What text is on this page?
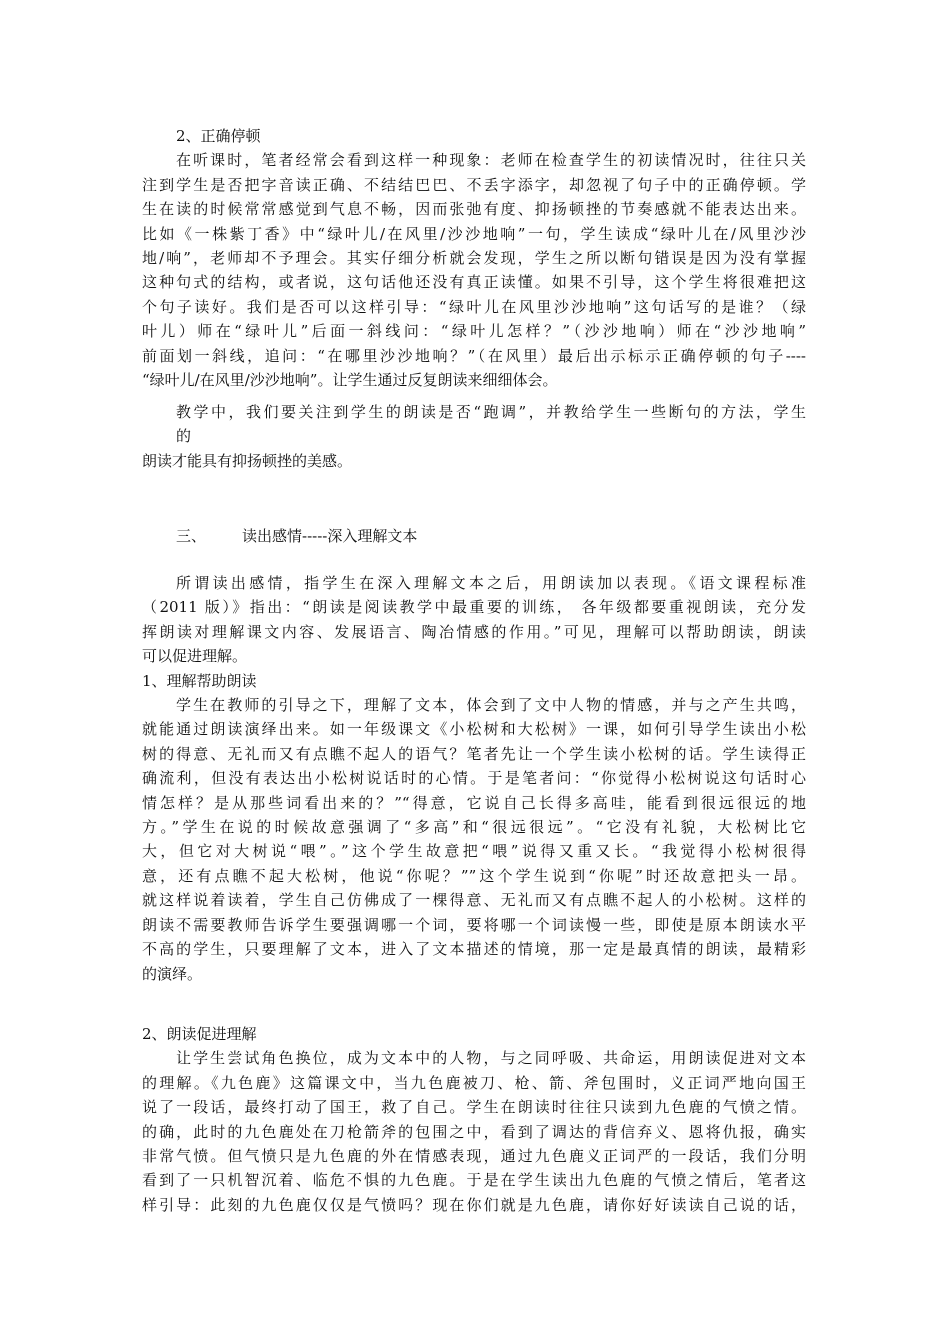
2、正确停顿
在听课时，笔者经常会看到这样一种现象：老师在检查学生的初读情况时，往往只关
注到学生是否把字音读正确、不结结巴巴、不丢字添字，却忽视了句子中的正确停顿。学
生在读的时候常常感觉到气息不畅，因而张弛有度、抑扬顿挫的节奏感就不能表达出来。
比如《一株紫丁香》中“绿叶儿/在风里/沙沙地响”一句，学生读成“绿叶儿在/风里沙沙
地/响”，老师却不予理会。其实仔细分析就会发现，学生之所以断句错误是因为没有掌握
这种句式的结构，或者说，这句话他还没有真正读懂。如果不引导，这个学生将很难把这
个句子读好。我们是否可以这样引导：“绿叶儿在风里沙沙地响”这句话写的是谁？（绿
叶儿）师在“绿叶儿”后面一斜线问：“绿叶儿怎样？”（沙沙地响）师在“沙沙地响”
前面划一斜线，追问：“在哪里沙沙地响？”（在风里）最后出示标示正确停顿的句子----
“绿叶儿/在风里/沙沙地响”。让学生通过反复朗读来细细体会。
教学中，我们要关注到学生的朗读是否“跑调”，并教给学生一些断句的方法，学生
的
朗读才能具有抑扬顿挫的美感。
三、 读出感情-----深入理解文本
所谓读出感情，指学生在深入理解文本之后，用朗读加以表现。《语文课程标准
（2011 版）》指出：“朗读是阅读教学中最重要的训练， 各年级都要重视朗读，充分发
挥朗读对理解课文内容、发展语言、陶冶情感的作用。”可见，理解可以帮助朗读，朗读
可以促进理解。
1、理解帮助朗读
学生在教师的引导之下，理解了文本，体会到了文中人物的情感，并与之产生共鸣，
就能通过朗读演绎出来。如一年级课文《小松树和大松树》一课，如何引导学生读出小松
树的得意、无礼而又有点瞧不起人的语气？笔者先让一个学生读小松树的话。学生读得正
确流利，但没有表达出小松树说话时的心情。于是笔者问：“你觉得小松树说这句话时心
情怎样？是从那些词看出来的？”“得意，它说自己长得多高哇，能看到很远很远的地
方。”学生在说的时候故意强调了“多高”和“很远很远”。“它没有礼貌，大松树比它
大，但它对大树说“喂”。”这个学生故意把“喂”说得又重又长。“我觉得小松树很得
意，还有点瞧不起大松树，他说“你呢？””这个学生说到“你呢”时还故意把头一昂。
就这样说着读着，学生自己仿佛成了一棵得意、无礼而又有点瞧不起人的小松树。这样的
朗读不需要教师告诉学生要强调哪一个词，要将哪一个词读慢一些，即使是原本朗读水平
不高的学生，只要理解了文本，进入了文本描述的情境，那一定是最真情的朗读，最精彩
的演绎。
2、朗读促进理解
让学生尝试角色换位，成为文本中的人物，与之同呼吸、共命运，用朗读促进对文本
的理解。《九色鹿》这篇课文中，当九色鹿被刀、枪、箭、斧包围时，义正词严地向国王
说了一段话，最终打动了国王，救了自己。学生在朗读时往往只读到九色鹿的气愤之情。
的确，此时的九色鹿处在刀枪箭斧的包围之中，看到了调达的背信弃义、恩将仇报，确实
非常气愤。但气愤只是九色鹿的外在情感表现，通过九色鹿义正词严的一段话，我们分明
看到了一只机智沉着、临危不惧的九色鹿。于是在学生读出九色鹿的气愤之情后，笔者这
样引导：此刻的九色鹿仅仅是气愤吗？现在你们就是九色鹿，请你好好读读自己说的话，
